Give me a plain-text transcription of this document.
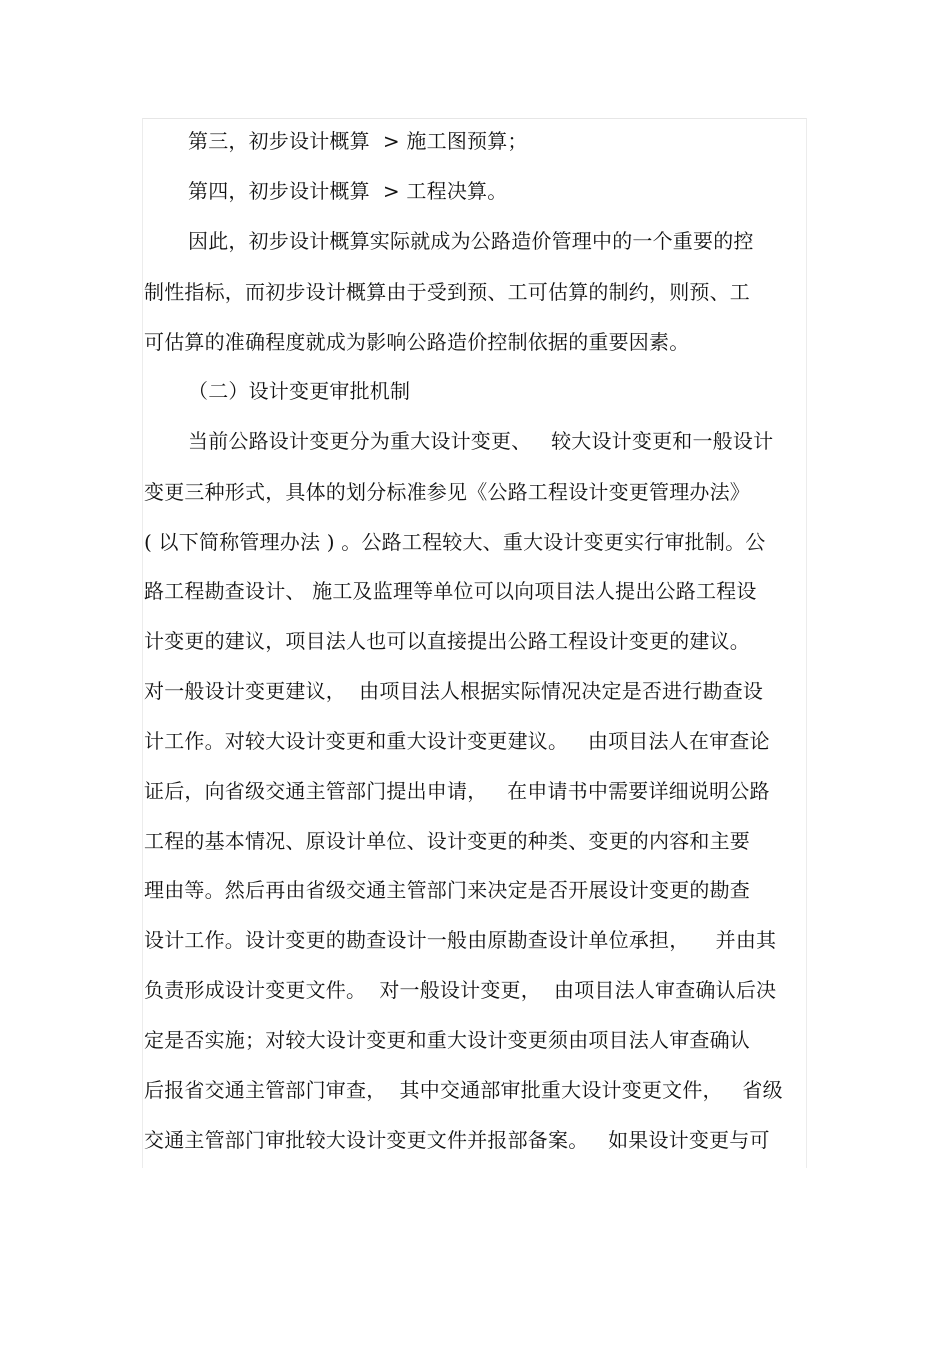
第三，初步设计概算  > 施工图预算；
第四，初步设计概算  > 工程决算。
因此，初步设计概算实际就成为公路造价管理中的一个重要的控
制性指标，而初步设计概算由于受到预、工可估算的制约，则预、工
可估算的准确程度就成为影响公路造价控制依据的重要因素。
（二）设计变更审批机制
当前公路设计变更分为重大设计变更、   较大设计变更和一般设计
变更三种形式，具体的划分标准参见《公路工程设计变更管理办法》
( 以下简称管理办法 ) 。公路工程较大、重大设计变更实行审批制。公
路工程勘查设计、 施工及监理等单位可以向项目法人提出公路工程设
计变更的建议，项目法人也可以直接提出公路工程设计变更的建议。
对一般设计变更建议，  由项目法人根据实际情况决定是否进行勘查设
计工作。对较大设计变更和重大设计变更建议。   由项目法人在审查论
证后，向省级交通主管部门提出申请，   在申请书中需要详细说明公路
工程的基本情况、原设计单位、设计变更的种类、变更的内容和主要
理由等。然后再由省级交通主管部门来决定是否开展设计变更的勘查
设计工作。设计变更的勘查设计一般由原勘查设计单位承担，    并由其
负责形成设计变更文件。  对一般设计变更，  由项目法人审查确认后决
定是否实施；对较大设计变更和重大设计变更须由项目法人审查确认
后报省交通主管部门审查，  其中交通部审批重大设计变更文件，   省级
交通主管部门审批较大设计变更文件并报部备案。   如果设计变更与可
